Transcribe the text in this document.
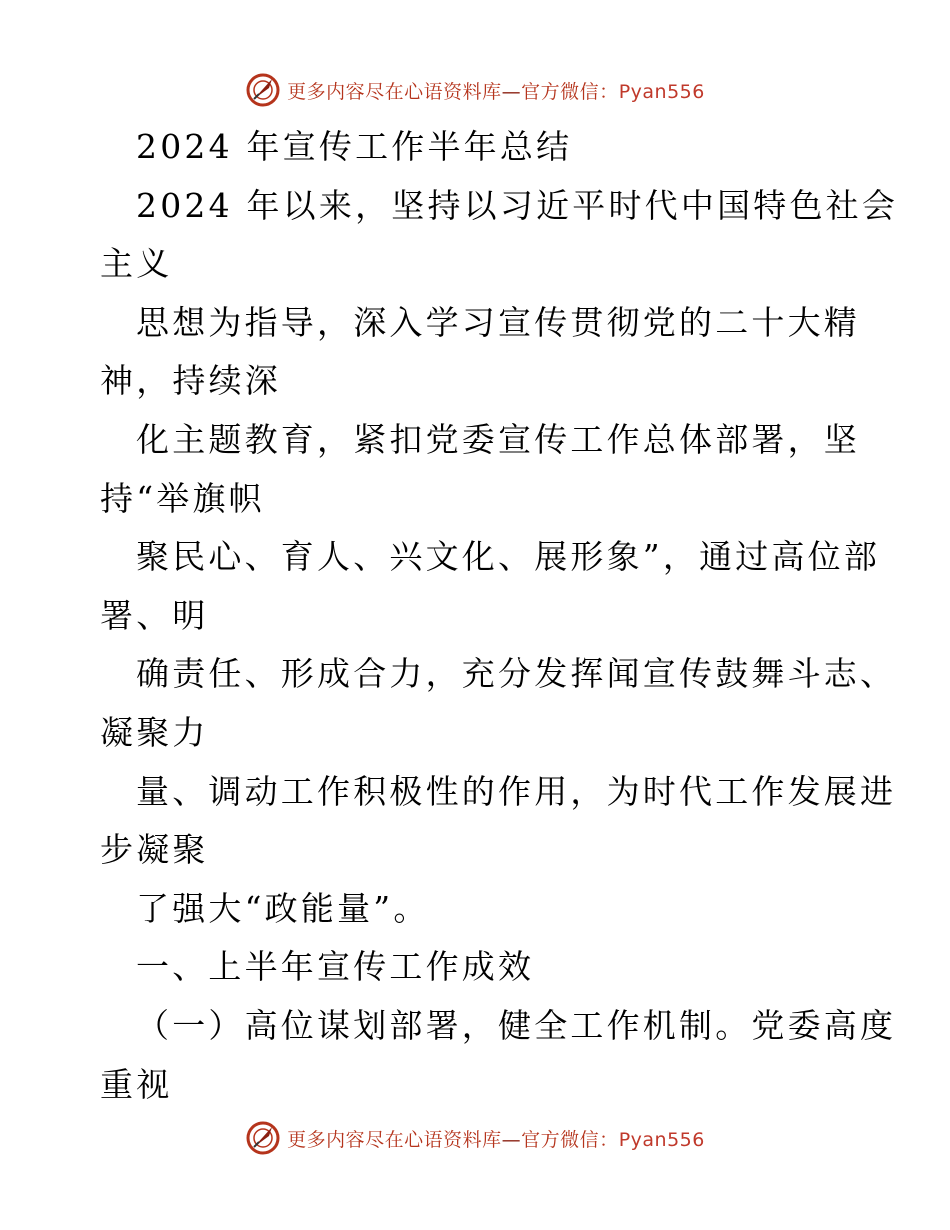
更多内容尽在心语资料库—官方微信：Pyan556
2024 年宣传工作半年总结
2024 年以来，坚持以习近平时代中国特色社会
主义
思想为指导，深入学习宣传贯彻党的二十大精
神，持续深
化主题教育，紧扣党委宣传工作总体部署，坚
持“举旗帜
聚民心、育人、兴文化、展形象”，通过高位部
署、明
确责任、形成合力，充分发挥闻宣传鼓舞斗志、
凝聚力
量、调动工作积极性的作用，为时代工作发展进
步凝聚
了强大“政能量”。
一、上半年宣传工作成效
（一）高位谋划部署，健全工作机制。党委高度
重视
更多内容尽在心语资料库—官方微信：Pyan556
